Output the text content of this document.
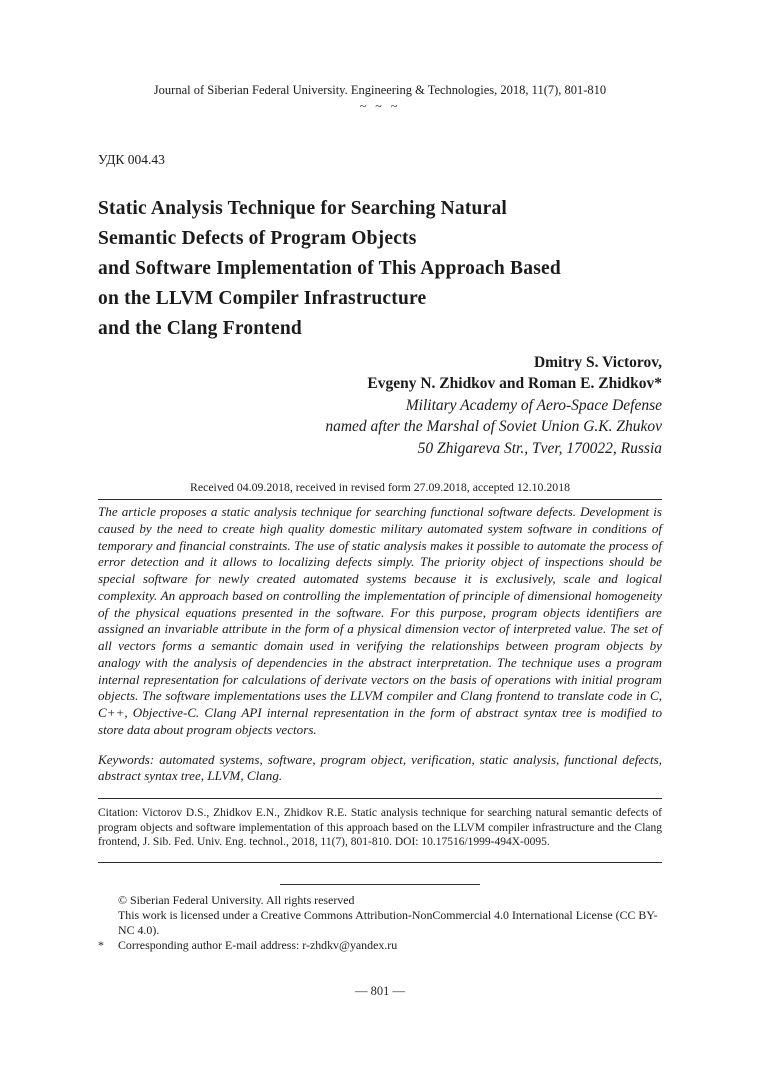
Journal of Siberian Federal University. Engineering & Technologies, 2018, 11(7), 801-810
~ ~ ~
УДК 004.43
Static Analysis Technique for Searching Natural
Semantic Defects of Program Objects
and Software Implementation of This Approach Based
on the LLVM Compiler Infrastructure
and the Clang Frontend
Dmitry S. Victorov,
Evgeny N. Zhidkov and Roman E. Zhidkov*
Military Academy of Aero-Space Defense
named after the Marshal of Soviet Union G.K. Zhukov
50 Zhigareva Str., Tver, 170022, Russia
Received 04.09.2018, received in revised form 27.09.2018, accepted 12.10.2018

The article proposes a static analysis technique for searching functional software defects. Development is caused by the need to create high quality domestic military automated system software in conditions of temporary and financial constraints. The use of static analysis makes it possible to automate the process of error detection and it allows to localizing defects simply. The priority object of inspections should be special software for newly created automated systems because it is exclusively, scale and logical complexity. An approach based on controlling the implementation of principle of dimensional homogeneity of the physical equations presented in the software. For this purpose, program objects identifiers are assigned an invariable attribute in the form of a physical dimension vector of interpreted value. The set of all vectors forms a semantic domain used in verifying the relationships between program objects by analogy with the analysis of dependencies in the abstract interpretation. The technique uses a program internal representation for calculations of derivate vectors on the basis of operations with initial program objects. The software implementations uses the LLVM compiler and Clang frontend to translate code in C, C++, Objective-C. Clang API internal representation in the form of abstract syntax tree is modified to store data about program objects vectors.

Keywords: automated systems, software, program object, verification, static analysis, functional defects, abstract syntax tree, LLVM, Clang.

Citation: Victorov D.S., Zhidkov E.N., Zhidkov R.E. Static analysis technique for searching natural semantic defects of program objects and software implementation of this approach based on the LLVM compiler infrastructure and the Clang frontend, J. Sib. Fed. Univ. Eng. technol., 2018, 11(7), 801-810. DOI: 10.17516/1999-494X-0095.

© Siberian Federal University. All rights reserved
This work is licensed under a Creative Commons Attribution-NonCommercial 4.0 International License (CC BY-NC 4.0).
* Corresponding author E-mail address: r-zhdkv@yandex.ru
— 801 —
